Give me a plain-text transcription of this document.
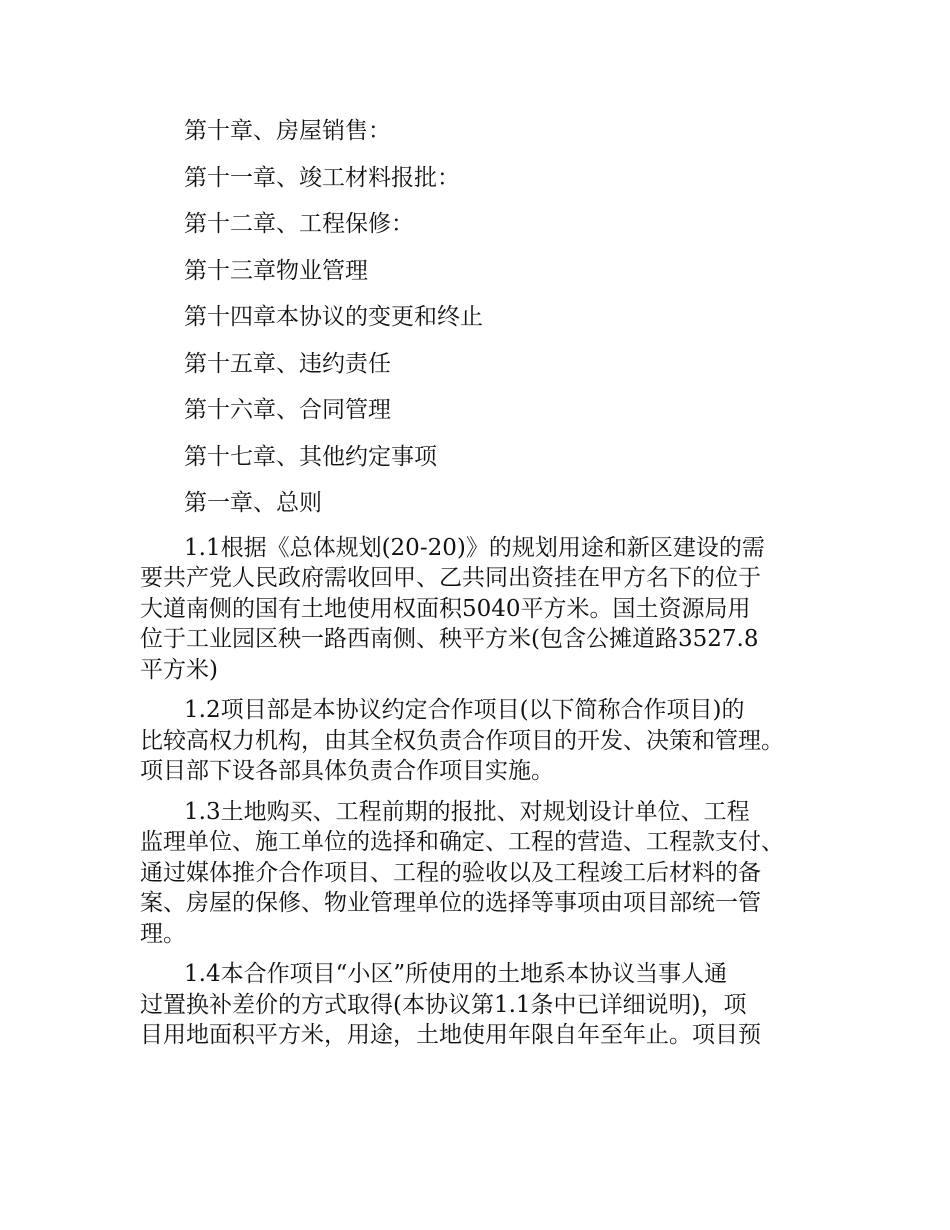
第十章、房屋销售：

第十一章、竣工材料报批：

第十二章、工程保修：

第十三章物业管理

第十四章本协议的变更和终止

第十五章、违约责任

第十六章、合同管理

第十七章、其他约定事项

第一章、总则

1.1根据《总体规划(20-20)》的规划用途和新区建设的需
要共产党人民政府需收回甲、乙共同出资挂在甲方名下的位于
大道南侧的国有土地使用权面积5040平方米。国土资源局用
位于工业园区秧一路西南侧、秧平方米(包含公摊道路3527.8
平方米)
1.2项目部是本协议约定合作项目(以下简称合作项目)的
比较高权力机构，由其全权负责合作项目的开发、决策和管理。
项目部下设各部具体负责合作项目实施。
1.3土地购买、工程前期的报批、对规划设计单位、工程
监理单位、施工单位的选择和确定、工程的营造、工程款支付、
通过媒体推介合作项目、工程的验收以及工程竣工后材料的备
案、房屋的保修、物业管理单位的选择等事项由项目部统一管
理。
1.4本合作项目“小区”所使用的土地系本协议当事人通
过置换补差价的方式取得(本协议第1.1条中已详细说明)，项
目用地面积平方米，用途，土地使用年限自年至年止。项目预
